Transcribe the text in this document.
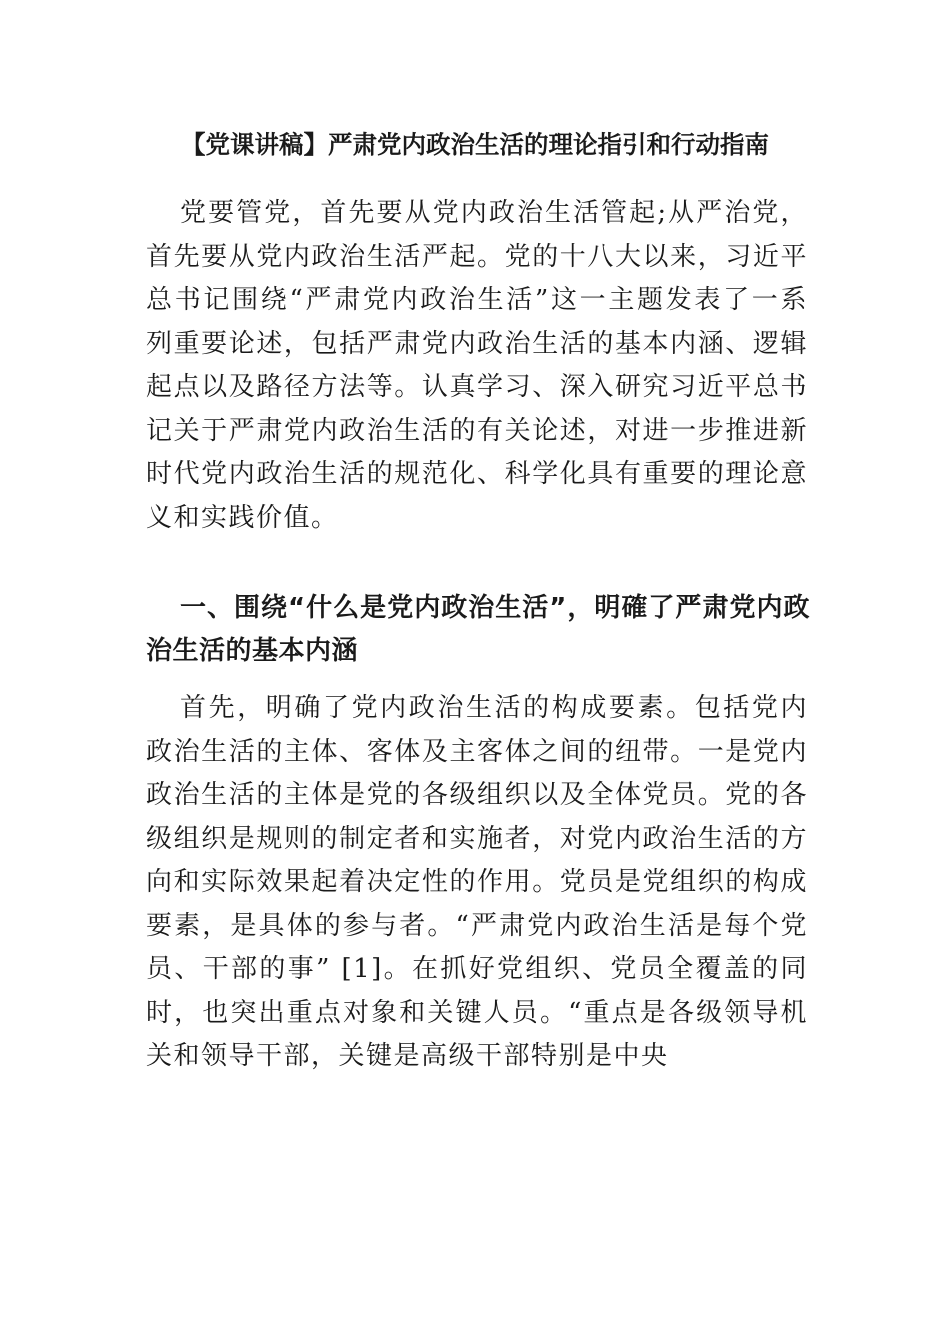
【党课讲稿】严肃党内政治生活的理论指引和行动指南

党要管党，首先要从党内政治生活管起;从严治党，首先要从党内政治生活严起。党的十八大以来，习近平总书记围绕“严肃党内政治生活”这一主题发表了一系列重要论述，包括严肃党内政治生活的基本内涵、逻辑起点以及路径方法等。认真学习、深入研究习近平总书记关于严肃党内政治生活的有关论述，对进一步推进新时代党内政治生活的规范化、科学化具有重要的理论意义和实践价值。

一、围绕“什么是党内政治生活”，明確了严肃党内政治生活的基本内涵

首先，明确了党内政治生活的构成要素。包括党内政治生活的主体、客体及主客体之间的纽带。一是党内政治生活的主体是党的各级组织以及全体党员。党的各级组织是规则的制定者和实施者，对党内政治生活的方向和实际效果起着决定性的作用。党员是党组织的构成要素，是具体的参与者。“严肃党内政治生活是每个党员、干部的事” [1]。在抓好党组织、党员全覆盖的同时，也突出重点对象和关键人员。“重点是各级领导机关和领导干部，关键是高级干部特别是中央
